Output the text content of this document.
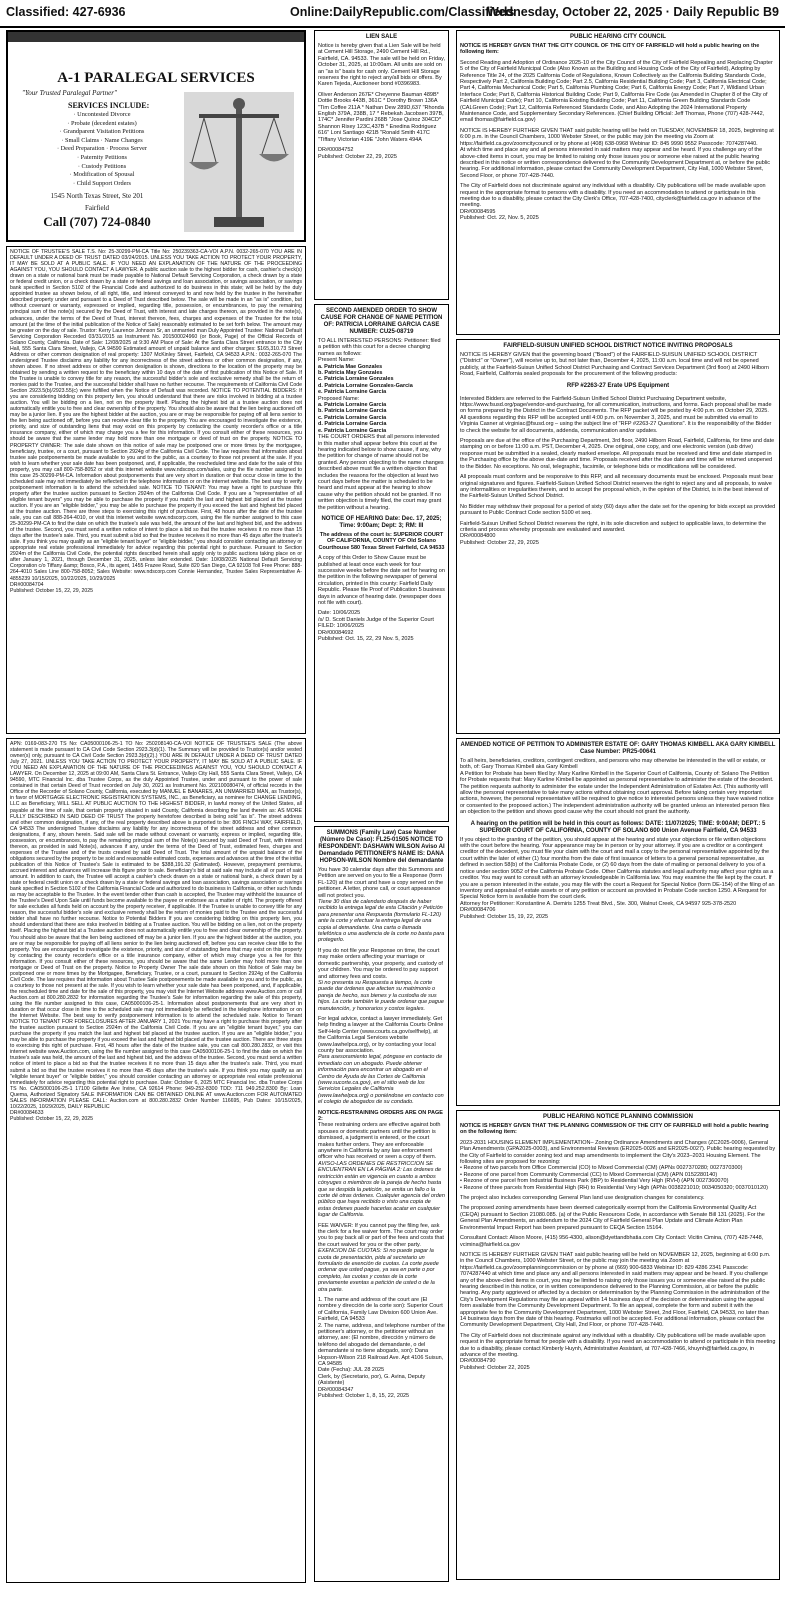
Classified: 427-6936	Online:DailyRepublic.com/Classifieds
Wednesday, October 22, 2025 · Daily Republic B9
A-1 PARALEGAL SERVICES
"Your Trusted Paralegal Partner"
SERVICES INCLUDE:
· Uncontested Divorce
· Probate (decedent estates)
· Grandparent Visitation Petitions
· Small Claims · Name Changes
· Deed Preparation · Process Server
· Paternity Petitions
· Custody Petitions
· Modification of Spousal
· Child Support Orders
1545 North Texas Street, Ste 201
Fairfield
Call (707) 724-0840

NOTICE OF TRUSTEE'S SALE T.S. No: 25-30299-PM-CA Title No: 250239363-CA-VOI A.P.N. 0032-265-070 YOU ARE IN DEFAULT UNDER A DEED OF TRUST DATED 03/24/2015. UNLESS YOU TAKE ACTION TO PROTECT YOUR PROPERTY, IT MAY BE SOLD AT A PUBLIC SALE. IF YOU NEED AN EXPLANATION OF THE NATURE OF THE PROCEEDING AGAINST YOU, YOU SHOULD CONTACT A LAWYER. A public auction sale to the highest bidder for cash, cashier's check(s) drawn on a state or national bank must be made payable to National Default Servicing Corporation, a check drawn by a state or federal credit union, or a check drawn by a state or federal savings and loan association, or savings association, or savings bank specified in Section 5102 of the Financial Code and authorized to do business in this state; will be held by the duly appointed trustee as shown below, of all right, title, and interest conveyed to and now held by the trustee in the hereinafter described property under and pursuant to a Deed of Trust described below. The sale will be made in an "as is" condition, but without covenant or warranty, expressed or implied, regarding title, possession, or encumbrances, to pay the remaining principal sum of the note(s) secured by the Deed of Trust, with interest and late charges thereon, as provided in the note(s), advances, under the terms of the Deed of Trust, interest thereon, fees, charges and expenses of the Trustee for the total amount (at the time of the initial publication of the Notice of Sale) reasonably estimated to be set forth below. The amount may be greater on the day of sale. Trustor: Kerry Laurence Johnson Sr, an unmarried man Duly Appointed Trustee: National Default Servicing Corporation Recorded 03/31/2015 as Instrument No. 201500024960 (or Book, Page) of the Official Records of Solano County, California. Date of Sale: 12/08/2025 at 9:30 AM Place of Sale: At the Santa Clara Street entrance to the City Hall, 555 Santa Clara Street, Vallejo, CA 94590 Estimated amount of unpaid balance and other charges: $165,310.73 Street Address or other common designation of real property: 1307 McKinley Street, Fairfield, CA 94533 A.P.N.: 0032-265-070 The undersigned Trustee disclaims any liability for any incorrectness of the street address or other common designation, if any, shown above. If no street address or other common designation is shown, directions to the location of the property may be obtained by sending a written request to the beneficiary within 10 days of the date of first publication of this Notice of Sale. If the Trustee is unable to convey title for any reason, the successful bidder's sole and exclusive remedy shall be the return of monies paid to the Trustee, and the successful bidder shall have no further recourse. The requirements of California Civil Code Section 2923.5(b)/2923.55(c) were fulfilled when the Notice of Default was recorded. NOTICE TO POTENTIAL BIDDERS: If you are considering bidding on this property lien, you should understand that there are risks involved in bidding at a trustee auction. You will be bidding on a lien, not on the property itself. Placing the highest bid at a trustee auction does not automatically entitle you to free and clear ownership of the property. You should also be aware that the lien being auctioned off may be a junior lien. If you are the highest bidder at the auction, you are or may be responsible for paying off all liens senior to the lien being auctioned off, before you can receive clear title to the property. You are encouraged to investigate the existence, priority, and size of outstanding liens that may exist on this property by contacting the county recorder's office or a title insurance company, either of which may charge you a fee for this information. If you consult either of these resources, you should be aware that the same lender may hold more than one mortgage or deed of trust on the property. NOTICE TO PROPERTY OWNER: The sale date shown on this notice of sale may be postponed one or more times by the mortgagee, beneficiary, trustee, or a court, pursuant to Section 2924g of the California Civil Code. The law requires that information about trustee sale postponements be made available to you and to the public, as a courtesy to those not present at the sale. If you wish to learn whether your sale date has been postponed, and, if applicable, the rescheduled time and date for the sale of this property, you may call 800-758-8052 or visit this internet website www.ndscorp.com/sales, using the file number assigned to this case 25-30299-PM-CA. Information about postponements that are very short in duration or that occur close in time to the scheduled sale may not immediately be reflected in the telephone information or on the internet website. The best way to verify postponement information is to attend the scheduled sale. NOTICE TO TENANT: You may have a right to purchase this property after the trustee auction pursuant to Section 2924m of the California Civil Code. If you are a "representative of all eligible tenant buyers" you may be able to purchase the property if you match the last and highest bid placed at the trustee auction. If you are an "eligible bidder," you may be able to purchase the property if you exceed the last and highest bid placed at the trustee auction. There are three steps to exercising this right of purchase. First, 48 hours after the date of the trustee sale, you can call 888-264-4010, or visit this internet website www.ndscorp.com, using the file number assigned to this case 25-30299-PM-CA to find the date on which the trustee's sale was held, the amount of the last and highest bid, and the address of the trustee. Second, you must send a written notice of intent to place a bid so that the trustee receives it no more than 15 days after the trustee's sale. Third, you must submit a bid so that the trustee receives it no more than 45 days after the trustee's sale. If you think you may qualify as an "eligible tenant buyer" or "eligible bidder," you should consider contacting an attorney or appropriate real estate professional immediately for advice regarding this potential right to purchase. Pursuant to Section 2924m of the California Civil Code, the potential rights described herein shall apply only to public auctions taking place on or after January 1, 2021, through December 31, 2025, unless later extended. Date: 10/08/2025 National Default Servicing Corporation c/o Tiffany &amp; Bosco, P.A., its agent, 1455 Frazee Road, Suite 820 San Diego, CA 92108 Toll Free Phone: 888-264-4010 Sales Line 800-758-8052; Sales Website: www.ndscorp.com Connie Hernandez, Trustee Sales Representative A-4855239 10/15/2025, 10/22/2025, 10/29/2025

DR#00084704

Published: October 15, 22, 29, 2025

APN: 0169-083-270 TS No: CA05000106-25-1 TO No: 250208140-CA-VOI NOTICE OF TRUSTEE'S SALE (The above statement is made pursuant to CA Civil Code Section 2923.3(d)(1). The Summary will be provided to Trustor(s) and/or vested owner(s) only, pursuant to CA Civil Code Section 2923.3(d)(2).) YOU ARE IN DEFAULT UNDER A DEED OF TRUST DATED July 27, 2021. UNLESS YOU TAKE ACTION TO PROTECT YOUR PROPERTY, IT MAY BE SOLD AT A PUBLIC SALE. IF YOU NEED AN EXPLANATION OF THE NATURE OF THE PROCEEDINGS AGAINST YOU, YOU SHOULD CONTACT A LAWYER. On December 12, 2025 at 09:00 AM, Santa Clara St. Entrance, Vallejo City Hall, 555 Santa Clara Street, Vallejo, CA 94590, MTC Financial Inc. dba Trustee Corps, as the duly Appointed Trustee, under and pursuant to the power of sale contained in that certain Deed of Trust recorded on July 30, 2021 as Instrument No. 202100080474, of official records in the Office of the Recorder of Solano County, California, executed by MANUEL E BANARES, AN UNMARRIED MAN, as Trustor(s), in favor of MORTGAGE ELECTRONIC REGISTRATION SYSTEMS, INC., as Beneficiary, as nominee for CHANGE LENDING, LLC as Beneficiary, WILL SELL AT PUBLIC AUCTION TO THE HIGHEST BIDDER, in lawful money of the United States, all payable at the time of sale, that certain property situated in said County, California describing the land therein as: AS MORE FULLY DESCRIBED IN SAID DEED OF TRUST The property heretofore described is being sold "as is". The street address and other common designation, if any, of the real property described above is purported to be: 806 FINCH WAY, FAIRFIELD, CA 94533 The undersigned Trustee disclaims any liability for any incorrectness of the street address and other common designations, if any, shown herein. Said sale will be made without covenant or warranty, express or implied, regarding title, possession, or encumbrances, to pay the remaining principal sum of the Note(s) secured by said Deed of Trust, with interest thereon, as provided in said Note(s), advances if any, under the terms of the Deed of Trust, estimated fees, charges and expenses of the Trustee and of the trusts created by said Deed of Trust. The total amount of the unpaid balance of the obligations secured by the property to be sold and reasonable estimated costs, expenses and advances at the time of the initial publication of this Notice of Trustee's Sale is estimated to be $388,191.32 (Estimated). However, prepayment premiums, accrued interest and advances will increase this figure prior to sale. Beneficiary's bid at said sale may include all or part of said amount. In addition to cash, the Trustee will accept a cashier's check drawn on a state or national bank, a check drawn by a state or federal credit union or a check drawn by a state or federal savings and loan association, savings association or savings bank specified in Section 5102 of the California Financial Code and authorized to do business in California, or other such funds as may be acceptable to the Trustee. In the event tender other than cash is accepted, the Trustee may withhold the issuance of the Trustee's Deed Upon Sale until funds become available to the payee or endorsee as a matter of right. The property offered for sale excludes all funds held on account by the property receiver, if applicable. If the Trustee is unable to convey title for any reason, the successful bidder's sole and exclusive remedy shall be the return of monies paid to the Trustee and the successful bidder shall have no further recourse. Notice to Potential Bidders If you are considering bidding on this property lien, you should understand that there are risks involved in bidding at a Trustee auction. You will be bidding on a lien, not on the property itself. Placing the highest bid at a Trustee auction does not automatically entitle you to free and clear ownership of the property. You should also be aware that the lien being auctioned off may be a junior lien. If you are the highest bidder at the auction, you are or may be responsible for paying off all liens senior to the lien being auctioned off, before you can receive clear title to the property. You are encouraged to investigate the existence, priority, and size of outstanding liens that may exist on this property by contacting the county recorder's office or a title insurance company, either of which may charge you a fee for this information. If you consult either of these resources, you should be aware that the same Lender may hold more than one mortgage or Deed of Trust on the property. Notice to Property Owner The sale date shown on this Notice of Sale may be postponed one or more times by the Mortgagee, Beneficiary, Trustee, or a court, pursuant to Section 2924g of the California Civil Code. The law requires that information about Trustee Sale postponements be made available to you and to the public, as a courtesy to those not present at the sale. If you wish to learn whether your sale date has been postponed, and, if applicable, the rescheduled time and date for the sale of this property, you may visit the Internet Website address www.Auction.com or call Auction.com at 800.280.2832 for information regarding the Trustee's Sale for information regarding the sale of this property, using the file number assigned to this case, CA05000106-25-1. Information about postponements that are very short in duration or that occur close in time to the scheduled sale may not immediately be reflected in the telephone information or on the Internet Website. The best way to verify postponement information is to attend the scheduled sale. Notice to Tenant NOTICE TO TENANT FOR FORECLOSURES AFTER JANUARY 1, 2021 You may have a right to purchase this property after the trustee auction pursuant to Section 2924m of the California Civil Code. If you are an "eligible tenant buyer," you can purchase the property if you match the last and highest bid placed at the trustee auction. If you are an "eligible bidder," you may be able to purchase the property if you exceed the last and highest bid placed at the trustee auction. There are three steps to exercising this right of purchase. First, 48 hours after the date of the trustee sale, you can call 800.280.2832, or visit this internet website www.Auction.com, using the file number assigned to this case CA05000106-25-1 to find the date on which the trustee's sale was held, the amount of the last and highest bid, and the address of the trustee. Second, you must send a written notice of intent to place a bid so that the trustee receives it no more than 15 days after the trustee's sale. Third, you must submit a bid so that the trustee receives it no more than 45 days after the trustee's sale. If you think you may qualify as an "eligible tenant buyer" or "eligible bidder," you should consider contacting an attorney or appropriate real estate professional immediately for advice regarding this potential right to purchase. Date: October 6, 2025 MTC Financial Inc. dba Trustee Corps TS No. CA05000106-25-1 17100 Gillette Ave Irvine, CA 92614 Phone: 949-252-8300 TDD: 711 949.252.8300 By: Loan Quema, Authorized Signatory SALE INFORMATION CAN BE OBTAINED ONLINE AT www.Auction.com FOR AUTOMATED SALES INFORMATION PLEASE CALL: Auction.com at 800.280.2832 Order Number 116695, Pub Dates: 10/15/2025, 10/22/2025, 10/29/2025, DAILY REPUBLIC

DR#00084633

Published: October 15, 22, 29, 2025

LIEN SALE

Notice is hereby given that a Lien Sale will be held at Cement Hill Storage, 2490 Cement Hill Rd., Fairfield, CA. 94533. The sale will be held on Friday, October 31, 2025, at 10:00am. All units are sold on an "as is" basis for cash only. Cement Hill Storage reserves the right to reject any/all bids or offers. By Karen Tejeda, Auctioneer bond #0396983.

Oliver Anderson 267E* Cheyenne Bauman 489B* Dottie Brooks 443B, 361C * Dorothy Brown 136A "Tim Coffee 211A * Nathan Dew 289D,637 "Rhonda English 379A, 238B, 17 * Rebekah Jacobsen 397B, 174C* Jennifer Pardini 268B "Jose Quiroz 304CD* Shannon Rixey 123C,437B * Enedina Rodriguez 616" Loni Santiago 421B "Ronald Smith 417C "Tiffany Victorian 419E "John Waters 494A

DR#00084752

Published: October 22, 29, 2025

SECOND AMENDED ORDER TO SHOW CAUSE FOR CHANGE OF NAME PETITION OF: PATRICIA LORRAINE GARCIA CASE NUMBER: CU25-08719

TO ALL INTERESTED PERSONS: Petitioner: filed a petition with this court for a decree changing names as follows:

Present Name:

a. Patricia Mae Gonzales

b. Patricia May Gonzales

c. Patricia Lorraine Gonzales

d. Patricia Lorraine Gonzales-Garcia

e. Patricia Lorraine Garcia

Proposed Name:

a. Patricia Lorraine Garcia

b. Patricia Lorraine Garcia

c. Patricia Lorraine Garcia

d. Patricia Lorraine Garcia

e. Patricia Lorraine Garcia

THE COURT ORDERS that all persons interested in this matter shall appear before this court at the hearing indicated below to show cause, if any, why the petition for change of name should not be granted. Any person objecting to the name changes described above must file a written objection that includes the reasons for the objection at least two court days before the matter is scheduled to be heard and must appear at the hearing to show cause why the petition should not be granted. If no written objection is timely filed, the court may grant the petition without a hearing.

NOTICE OF HEARING Date: Dec. 17, 2025; Time: 9:00am; Dept: 3; RM: III

The address of the court is: SUPERIOR COURT OF CALIFORNIA, COUNTY OF Old Solano Courthouse 580 Texas Street Fairfield, CA 94533

A copy of this Order to Show Cause must be published at least once each week for four successive weeks before the date set for hearing on the petition in the following newspaper of general circulation, printed in this county: Fairfield Daily Republic. Please file Proof of Publication 5 business days in advance of hearing date. (newspaper does not file with court).

Date: 10/06/2025

/s/ D. Scott Daniels Judge of the Superior Court FILED: 10/06/2025

DR#00084692

Published: Oct. 15, 22, 29 Nov. 5, 2025

SUMMONS (Family Law) Case Number (Número De Caso): FL25-01505 NOTICE TO RESPONDENT: DASHAWN WILSON Aviso Al Demandado PETITIONER'S NAME IS: DANA HOPSON-WILSON Nombre del demandante

You have 30 calendar days after this Summons and Petition are served on you to file a Response (form FL-120) at the court and have a copy served on the petitioner. A letter, phone call, or court appearance will not protect you.

Tiene 30 días de calendario después de haber recibido la entrega legal de esta Citación y Petición para presentar una Respuesta (formulario FL-120) ante la corte y efectuar la entrega legal de una copia al demandante. Una carta o llamada telefónica o una audiencia de la corte no basta para protegerlo.

If you do not file your Response on time, the court may make orders affecting your marriage or domestic partnership, your property, and custody of your children. You may be ordered to pay support and attorney fees and costs.

Si no presenta su Respuesta a tiempo, la corte puede dar órdenes que afecten su matrimonio o pareja de hecho, sus bienes y la custodia de sus hijos. La corte también le puede ordenar que pague manutención, y honorarios y costos legales.

For legal advice, contact a lawyer immediately. Get help finding a lawyer at the California Courts Online Self-Help Center (www.courts.ca.gov/selfhelp), at the California Legal Services website (www.lawhelpca.org), or by contacting your local county bar association.

Para asesoramiento legal, póngase en contacto de inmediato con un abogado. Puede obtener información para encontrar un abogado en el Centro de Ayuda de las Cortes de California (www.sucorte.ca.gov), en el sitio web de los Servicios Legales de California (www.lawhelpca.org) o poniéndose en contacto con el colegio de abogados de su condado.

NOTICE-RESTRAINING ORDERS ARE ON PAGE 2:

These restraining orders are effective against both spouses or domestic partners until the petition is dismissed, a judgment is entered, or the court makes further orders. They are enforceable anywhere in California by any law enforcement officer who has received or seen a copy of them.

AVISO-LAS ÓRDENES DE RESTRICCIÓN SE ENCUENTRAN EN LA PÁGINA 2: Las órdenes de restricción están en vigencia en cuanto a ambos cónyuges o miembros de la pareja de hecho hasta que se despida la petición, se emita un fallo o la corte dé otras órdenes. Cualquier agencia del orden público que haya recibido o visto una copia de estas órdenes puede hacerlas acatar en cualquier lugar de California.

FEE WAIVER: If you cannot pay the filing fee, ask the clerk for a fee waiver form. The court may order you to pay back all or part of the fees and costs that the court waived for you or the other party.

EXENCIÓN DE CUOTAS: Si no puede pagar la cuota de presentación, pida al secretario un formulario de exención de cuotas. La corte puede ordenar que usted pague, ya sea en parte o por completo, las cuotas y costas de la corte previamente exentas a petición de usted o de la otra parte.

1. The name and address of the court are (El nombre y dirección de la corte son): Superior Court of California, Family Law Division 600 Union Ave. Fairfield, CA 94533

2. The name, address, and telephone number of the petitioner's attorney, or the petitioner without an attorney, are: (El nombre, dirección y número de teléfono del abogado del demandante, o del demandante si no tiene abogado, son): Dana Hopson-Wilson 218 Railroad Ave. Apt 4106 Suisun, CA 94585

Date (Fecha): JUL 28 2025

Clerk, by (Secretario, por), G. Avina, Deputy (Asistente)

DR#00084347

Published: October 1, 8, 15, 22, 2025

PUBLIC HEARING CITY COUNCIL

NOTICE IS HEREBY GIVEN THAT THE CITY COUNCIL OF THE CITY OF FAIRFIELD will hold a public hearing on the following item:

Second Reading and Adoption of Ordinance 2025-10 of the City Council of the City of Fairfield Repealing and Replacing Chapter 5 of the City of Fairfield Municipal Code (Also Known as the Building and Housing Code of the City of Fairfield), Adopting by Reference Title 24, of the 2025 California Code of Regulations, Known Collectively as the California Building Standards Code, Respectively Part 2, California Building Code; Part 2.5, California Residential Building Code; Part 3, California Electrical Code; Part 4, California Mechanical Code; Part 5, California Plumbing Code; Part 6, California Energy Code; Part 7, Wildland Urban Interface Code; Part 8, California Historical Building Code; Part 9, California Fire Code (as Amended in Chapter 8 of the City of Fairfield Municipal Code); Part 10, California Existing Building Code; Part 11, California Green Building Standards Code (CALGreen Code); Part 12, California Referenced Standards Code, and Also Adopting the 2024 International Property Maintenance Code, and Supplementary Secondary References. (Chief Building Official: Jeff Thomas, Phone (707) 428-7442, email thomas@fairfield.ca.gov)

NOTICE IS HEREBY FURTHER GIVEN THAT said public hearing will be held on TUESDAY, NOVEMBER 18, 2025, beginning at 6:00 p.m. in the Council Chambers, 1000 Webster Street, or the public may join the meeting via Zoom at https://fairfield.ca.gov/zoomcitycouncil or by phone at (408) 638-0968 Webinar ID: 845 9990 9552 Passcode: 7074287440.

At which time and place any and all persons interested in said matters may appear and be heard. If you challenge any of the above-cited items in court, you may be limited to raising only those issues you or someone else raised at the public hearing described in this notice or written correspondence delivered to the Community Development Department at, or before the public hearing. For additional information, please contact the Community Development Department, City Hall, 1000 Webster Street, Second Floor, or phone 707-428-7440.

The City of Fairfield does not discriminate against any individual with a disability. City publications will be made available upon request in the appropriate format to persons with a disability. If you need an accommodation to attend or participate in this meeting due to a disability, please contact the City Clerk's Office, 707-428-7400, cityclerk@fairfield.ca.gov in advance of the meeting.

DR#00084595

Published: Oct. 22, Nov. 5, 2025

FAIRFIELD-SUISUN UNIFIED SCHOOL DISTRICT NOTICE INVITING PROPOSALS

NOTICE IS HEREBY GIVEN that the governing board ("Board") of the FAIRFIELD-SUISUN UNIFIED SCHOOL DISTRICT ("District" or "Owner"), will receive up to, but not later than, December 4, 2025, 11:00 a.m. local time and will not be opened publicly, at the Fairfield-Suisun Unified School District Purchasing and Contract Services Department (3rd floor) at 2490 Hilborn Road, Fairfield, California sealed proposals for the procurement of the following products:

RFP #2263-27 Erate UPS Equipment

Interested Bidders are referred to the Fairfield-Suisun Unified School District Purchasing Department website, https://www.fsusd.org/page/vendor-and-purchasing, for all communication, instructions, and forms. Each proposal shall be made on forms prepared by the District in the Contract Documents. The RFP packet will be posted by 4:00 p.m. on October 29, 2025. All questions regarding this RFP will be accepted until 4:00 p.m. on November 3, 2025, and must be submitted via email to Virginia Casner at virginiac@fsusd.org – using the subject line of "RFP #2263-27 Questions". It is the responsibility of the Bidder to check the website for all documents, addenda, communication and/or updates.

Proposals are due at the office of the Purchasing Department, 3rd floor, 2490 Hilborn Road, Fairfield, California, for time and date stamping on or before 11:00 a.m. PST, December 4, 2025. One original, one copy, and one electronic version (usb drive) response must be submitted in a sealed, clearly marked envelope. All proposals must be received and time and date stamped in the Purchasing office by the above due-date and time. Proposals received after the due date and time will be returned unopened to the Bidder. No exceptions. No oral, telegraphic, facsimile, or telephone bids or modifications will be considered.

All proposals must conform and be responsive to this RFP, and all necessary documents must be enclosed. Proposals must bear original signatures and figures. Fairfield-Suisun Unified School District reserves the right to reject any and all proposals, to waive any informalities or irregularities therein, and to accept the proposal which, in the opinion of the District, is in the best interest of the Fairfield-Suisun Unified School District.

No Bidder may withdraw their proposal for a period of sixty (60) days after the date set for the opening for bids except as provided pursuant to Public Contract Code section 5100 et seq.

Fairfield-Suisun Unified School District reserves the right, in its sole discretion and subject to applicable laws, to determine the criteria and process whereby proposals are evaluated and awarded.

DR#00084800

Published: October 22, 29, 2025

AMENDED NOTICE OF PETITION TO ADMINISTER ESTATE OF: GARY THOMAS KIMBELL AKA GARY KIMBELL Case Number: PR25-00641

To all heirs, beneficiaries, creditors, contingent creditors, and persons who may otherwise be interested in the will or estate, or both, of: Gary Thomas Kimbell aka Gary Kimbell

A Petition for Probate has been filed by: Mary Karline Kimbell in the Superior Court of California, County of: Solano The Petition for Probate requests that: Mary Karline Kimbell be appointed as personal representative to administer the estate of the decedent. The petition requests authority to administer the estate under the Independent Administration of Estates Act. (This authority will allow the personal representative to take many actions without obtaining court approval. Before taking certain very important actions, however, the personal representative will be required to give notice to interested persons unless they have waived notice or consented to the proposed action.) The independent administration authority will be granted unless an interested person files an objection to the petition and shows good cause why the court should not grant the authority.

A hearing on the petition will be held in this court as follows: DATE: 11/07/2025; TIME: 9:00AM; DEPT.: 5 SUPERIOR COURT OF CALIFORNIA, COUNTY OF SOLANO 600 Union Avenue Fairfield, CA 94533

If you object to the granting of the petition, you should appear at the hearing and state your objections or file written objections with the court before the hearing. Your appearance may be in person or by your attorney. If you are a creditor or a contingent creditor of the decedent, you must file your claim with the court and mail a copy to the personal representative appointed by the court within the later of either (1) four months from the date of first issuance of letters to a general personal representative, as defined in section 58(b) of the California Probate Code, or (2) 60 days from the date of mailing or personal delivery to you of a notice under section 9052 of the California Probate Code. Other California statutes and legal authority may affect your rights as a creditor. You may want to consult with an attorney knowledgeable in California law. You may examine the file kept by the court. If you are a person interested in the estate, you may file with the court a Request for Special Notice (form DE-154) of the filing of an inventory and appraisal of estate assets or of any petition or account as provided in Probate Code section 1250. A Request for Special Notice form is available from the court clerk.

Attorney for Petitioner: Konstantine A. Demiris 1255 Treat Blvd., Ste. 300, Walnut Creek, CA 94597 925-378-2520

DR#00084706

Published: October 15, 19, 22, 2025

PUBLIC HEARING NOTICE PLANNING COMMISSION

NOTICE IS HEREBY GIVEN THAT THE PLANNING COMMISSION OF THE CITY OF FAIRFIELD will hold a public hearing on the following item:

2023-2031 HOUSING ELEMENT IMPLEMENTATION– Zoning Ordinance Amendments and Changes (ZC2025-0006), General Plan Amendments (GPA2025-0003), and Environmental Reviews (ER2025-0026 and ER2025-0027). Public hearing requested by the City of Fairfield to consider zoning text and map amendments to implement the City's 2023–2031 Housing Element. The following sites are proposed for rezoning:

• Rezone of two parcels from Office Commercial (CO) to Mixed Commercial (CM) (APNs 0027370280; 0027370300)

• Rezone of one parcel from Community Commercial (CC) to Mixed Commercial (CM) (APN 0152280140)

• Rezone of one parcel from Industrial Business Park (IBP) to Residential Very High (RVH) (APN 0027360070)

• Rezone of three parcels from Residential High (RH) to Residential Very High (APNs 0038221010; 0034050320; 0037010120)

The project also includes corresponding General Plan land use designation changes for consistency.

The proposed zoning amendments have been deemed categorically exempt from the California Environmental Quality Act (CEQA) pursuant to Section 21080.085. (a) of the Public Resources Code, in accordance with Senate Bill 131 (2025). For the General Plan Amendments, an addendum to the 2024 City of Fairfield General Plan Update and Climate Action Plan Environmental Impact Report has been prepared pursuant to CEQA Section 15164.

Consultant Contact: Alison Moore, (415) 956-4300, alison@dyettandbhatia.com City Contact: Vicitin Cimina, (707) 428-7448, vcimina@fairfield.ca.gov

NOTICE IS HEREBY FURTHER GIVEN THAT said public hearing will be held on NOVEMBER 12, 2025, beginning at 6:00 p.m. in the Council Chambers, 1000 Webster Street, or the public may join the meeting via Zoom at https://fairfield.ca.gov/zoomplanningcommission or by phone at (669) 900-6833 Webinar ID: 829 4286 2341 Passcode: 7074287440 at which time and place any and all persons interested in said matters may appear and be heard. If you challenge any of the above-cited items in court, you may be limited to raising only those issues you or someone else raised at the public hearing described in this notice, or in written correspondence delivered to the Planning Commission, at or before the public hearing. Any party aggrieved or affected by a decision or determination by the Planning Commission in the administration of the City's Development Regulations may file an appeal within 14 business days of the decision or determination using the appeal form available from the Community Development Department. To file an appeal, complete the form and submit it with the appropriate fee to the Community Development Department, 1000 Webster Street, 2nd Floor, Fairfield, CA 94533, no later than 14 business days from the date of this hearing. Postmarks will not be accepted. For additional information, please contact the Community Development Department, City Hall, 2nd Floor, or phone 707-428-7440.

The City of Fairfield does not discriminate against any individual with a disability. City publications will be made available upon request in the appropriate format for people with a disability. If you need an accommodation to attend or participate in this meeting due to a disability, please contact Kimberly Huynh, Administrative Assistant, at 707-428-7466, khuynh@fairfield.ca.gov, in advance of the meeting.

DR#00084790

Published: October 22, 2025
